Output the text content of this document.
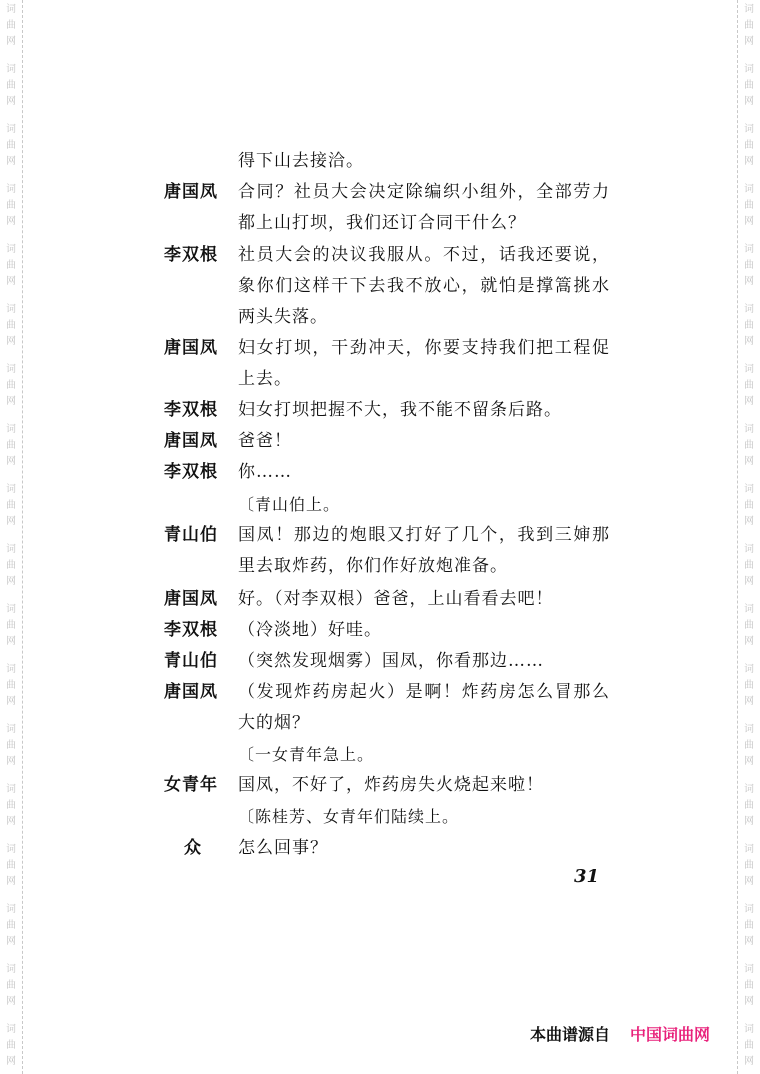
词
曲
网
词
曲
网
词
曲
网
词
曲
网
词
曲
网
词
曲
网
词
曲
网
词
曲
网
词
曲
网
词
曲
网
词
曲
网
词
曲
网
词
曲
网
词
曲
网
词
曲
网
词
曲
网
词
曲
网
词
曲
网
词
曲
网
词
曲
网
词
曲
网
词
曲
网
词
曲
网
词
曲
网
词
曲
网
词
曲
网
词
曲
网
词
曲
网
词
曲
网
词
曲
网
词
曲
网
词
曲
网
词
曲
网
词
曲
网
词
曲
网
词
曲
网
得下山去接洽。
唐国凤	合同？社员大会决定除编织小组外，全部劳力都上山打坝，我们还订合同干什么？
李双根	社员大会的决议我服从。不过，话我还要说，象你们这样干下去我不放心，就怕是撑篙挑水两头失落。
唐国凤	妇女打坝，干劲冲天，你要支持我们把工程促上去。
李双根	妇女打坝把握不大，我不能不留条后路。
唐国凤	爸爸！
李双根	你……
〔青山伯上。
青山伯	国凤！那边的炮眼又打好了几个，我到三婶那里去取炸药，你们作好放炮准备。
唐国凤	好。（对李双根）爸爸，上山看看去吧！
李双根	（冷淡地）好哇。
青山伯	（突然发现烟雾）国凤，你看那边……
唐国凤	（发现炸药房起火）是啊！炸药房怎么冒那么大的烟？
〔一女青年急上。
女青年	国凤，不好了，炸药房失火烧起来啦！
〔陈桂芳、女青年们陆续上。
众	怎么回事？
31
本曲谱源自 中国词曲网
